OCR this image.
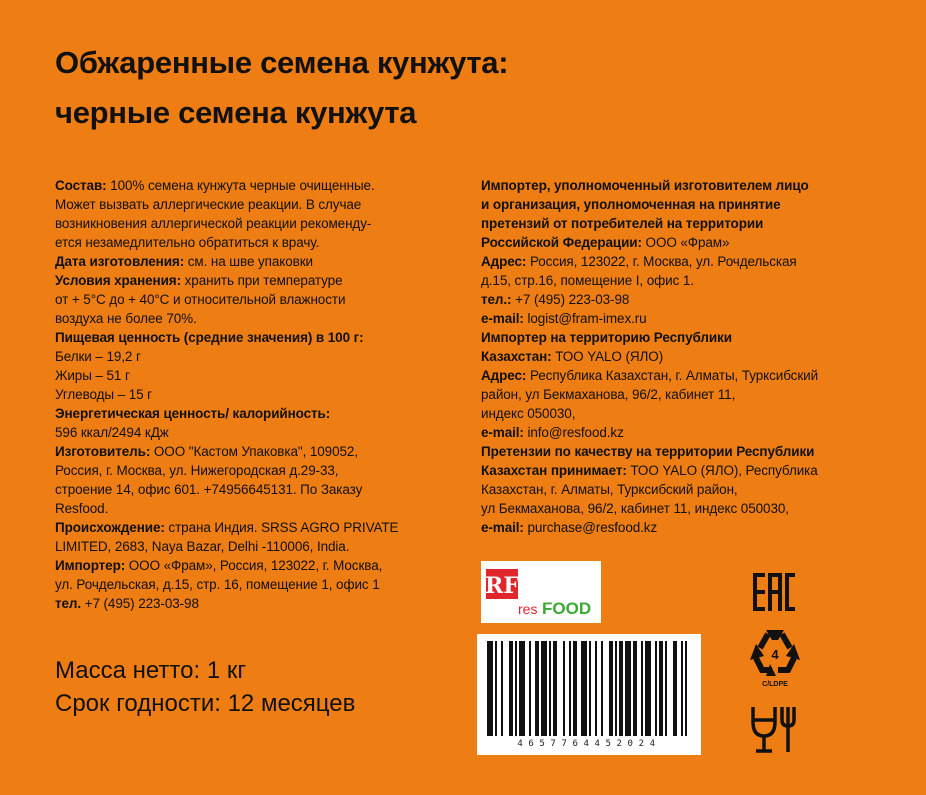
Обжаренные семена кунжута:
черные семена кунжута
Состав: 100% семена кунжута черные очищенные.
Может вызвать аллергические реакции. В случае
возникновения аллергической реакции рекоменду-
ется незамедлительно обратиться к врачу.
Дата изготовления: см. на шве упаковки
Условия хранения: хранить при температуре
от + 5°С до + 40°С и относительной влажности
воздуха не более 70%.
Пищевая ценность (средние значения) в 100 г:
Белки – 19,2 г
Жиры – 51 г
Углеводы – 15 г
Энергетическая ценность/ калорийность:
596 ккал/2494 кДж
Изготовитель: ООО "Кастом Упаковка", 109052,
Россия, г. Москва, ул. Нижегородская д.29-33,
строение 14, офис 601. +74956645131. По Заказу
Resfood.
Происхождение: страна Индия. SRSS AGRO PRIVATE
LIMITED, 2683, Naya Bazar, Delhi -110006, India.
Импортер: ООО «Фрам», Россия, 123022, г. Москва,
ул. Рочдельская, д.15, стр. 16, помещение 1, офис 1
тел. +7 (495) 223-03-98
Импортер, уполномоченный изготовителем лицо
и организация, уполномоченная на принятие
претензий от потребителей на территории
Российской Федерации: ООО «Фрам»
Адрес: Россия, 123022, г. Москва, ул. Рочдельская
д.15, стр.16, помещение I, офис 1.
тел.: +7 (495) 223-03-98
e-mail: logist@fram-imex.ru
Импортер на территорию Республики
Казахстан: ТОО YALO (ЯЛО)
Адрес: Республика Казахстан, г. Алматы, Турксибский
район, ул Бекмаханова, 96/2, кабинет 11,
индекс 050030,
e-mail: info@resfood.kz
Претензии по качеству на территории Республики
Казахстан принимает: ТОО YALO (ЯЛО), Республика
Казахстан, г. Алматы, Турксибский район,
ул Бекмаханова, 96/2, кабинет 11, индекс 050030,
e-mail: purchase@resfood.kz
Масса нетто: 1 кг
Срок годности: 12 месяцев
RF
res FOOD
4657764452024
4
C/LDPE
